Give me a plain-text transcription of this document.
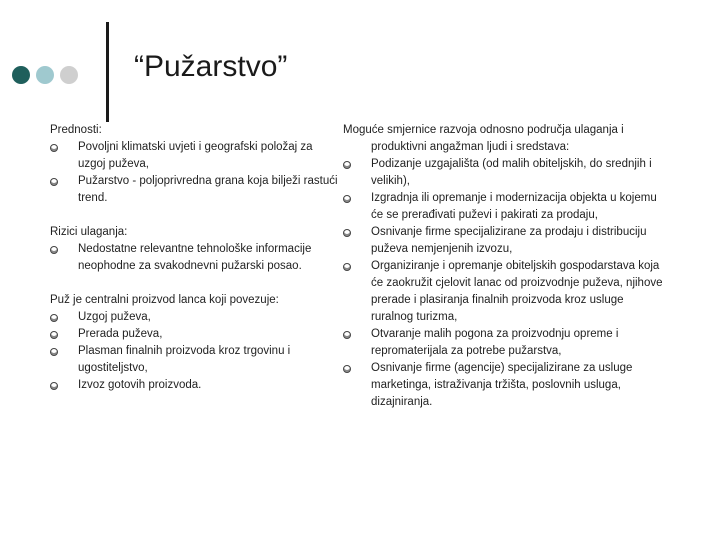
“Pužarstvo”

Prednosti:

Povoljni klimatski uvjeti i geografski položaj za uzgoj puževa,
Pužarstvo - poljoprivredna grana koja bilježi rastući trend.

Rizici ulaganja:

Nedostatne relevantne tehnološke informacije neophodne za svakodnevni pužarski posao.

Puž je centralni proizvod lanca koji povezuje:

Uzgoj puževa,
Prerada puževa,
Plasman finalnih proizvoda kroz trgovinu i ugostiteljstvo,
Izvoz gotovih proizvoda.

Moguće smjernice razvoja odnosno područja ulaganja i
produktivni angažman ljudi i sredstava:

Podizanje uzgajališta (od malih obiteljskih, do srednjih i velikih),
Izgradnja ili opremanje i modernizacija objekta u kojemu će se prerađivati puževi i pakirati za prodaju,
Osnivanje firme specijalizirane za prodaju i distribuciju puževa nemjenjenih izvozu,
Organiziranje i opremanje obiteljskih gospodarstava koja će zaokružit cjelovit lanac od proizvodnje puževa, njihove prerade i plasiranja finalnih proizvoda kroz usluge ruralnog turizma,
Otvaranje malih pogona za proizvodnju opreme i repromaterijala za potrebe pužarstva,
Osnivanje firme (agencije) specijalizirane za usluge marketinga, istraživanja tržišta, poslovnih usluga, dizajniranja.
